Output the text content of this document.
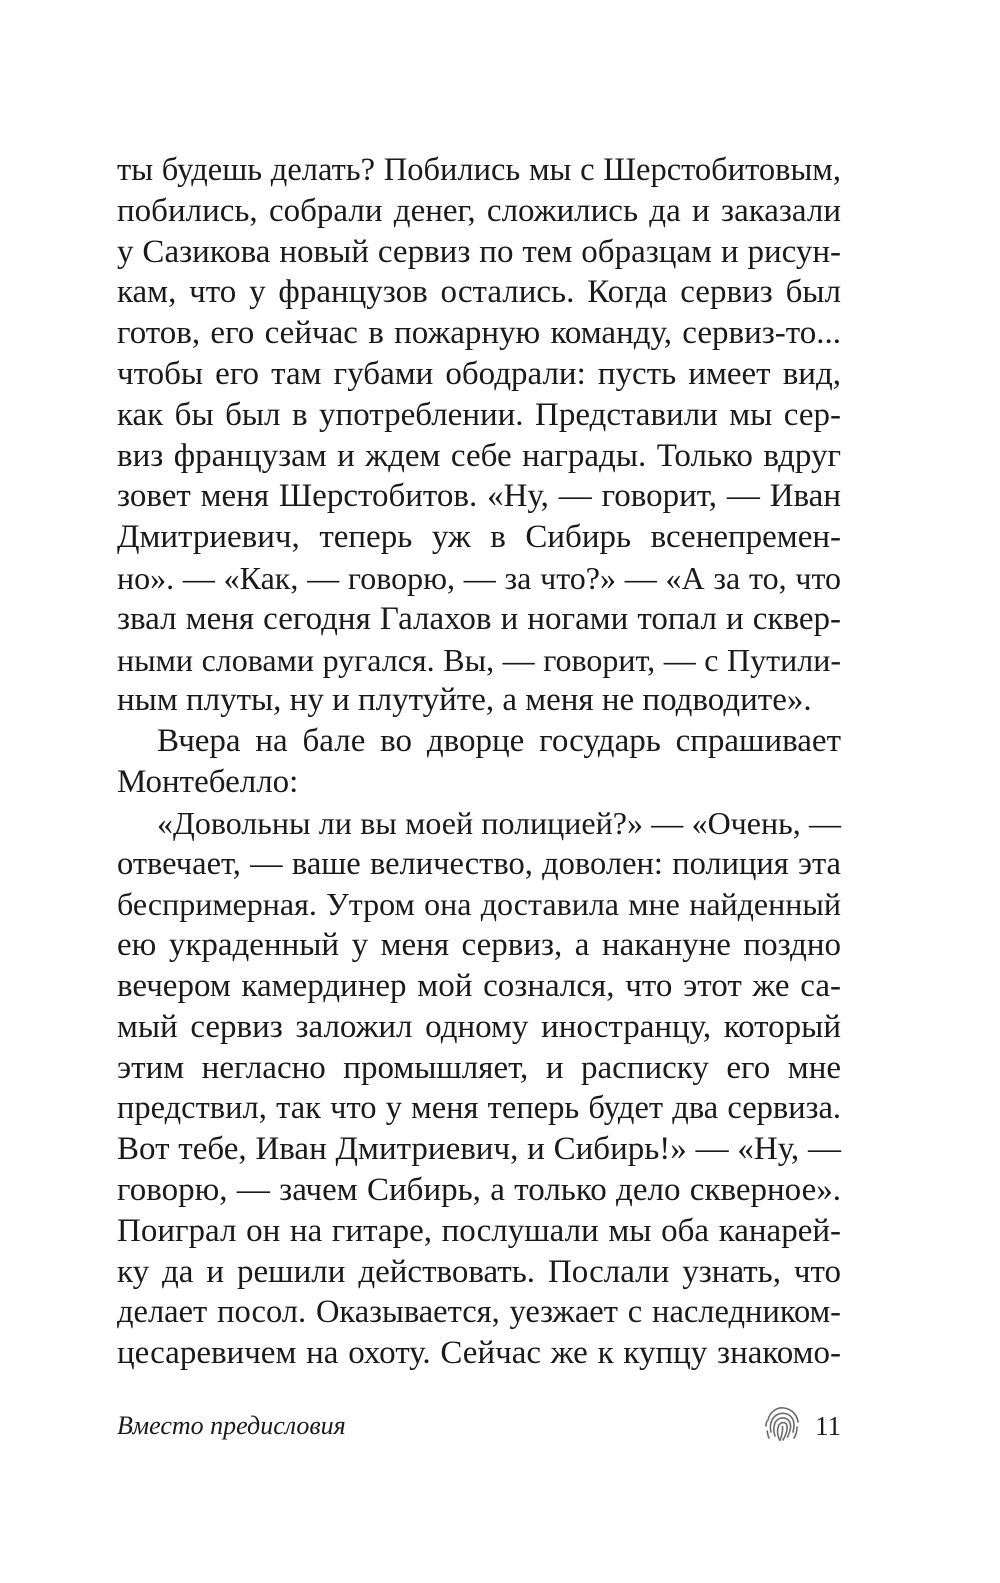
ты будешь делать? Побились мы с Шерстобитовым,
побились, собрали денег, сложились да и заказали
у Сазикова новый сервиз по тем образцам и рисун-
кам, что у французов остались. Когда сервиз был
готов, его сейчас в пожарную команду, сервиз-то...
чтобы его там губами ободрали: пусть имеет вид,
как бы был в употреблении. Представили мы сер-
виз французам и ждем себе награды. Только вдруг
зовет меня Шерстобитов. «Ну, — говорит, — Иван
Дмитриевич, теперь уж в Сибирь всенепремен-
но». — «Как, — говорю, — за что?» — «А за то, что
звал меня сегодня Галахов и ногами топал и сквер-
ными словами ругался. Вы, — говорит, — с Путили-
ным плуты, ну и плутуйте, а меня не подводите».
Вчера на бале во дворце государь спрашивает
Монтебелло:
«Довольны ли вы моей полицией?» — «Очень, —
отвечает, — ваше величество, доволен: полиция эта
беспримерная. Утром она доставила мне найденный
ею украденный у меня сервиз, а накануне поздно
вечером камердинер мой сознался, что этот же са-
мый сервиз заложил одному иностранцу, который
этим негласно промышляет, и расписку его мне
предствил, так что у меня теперь будет два сервиза.
Вот тебе, Иван Дмитриевич, и Сибирь!» — «Ну, —
говорю, — зачем Сибирь, а только дело скверное».
Поиграл он на гитаре, послушали мы оба канарей-
ку да и решили действовать. Послали узнать, что
делает посол. Оказывается, уезжает с наследником-
цесаревичем на охоту. Сейчас же к купцу знакомо-
Вместо предисловия	11
